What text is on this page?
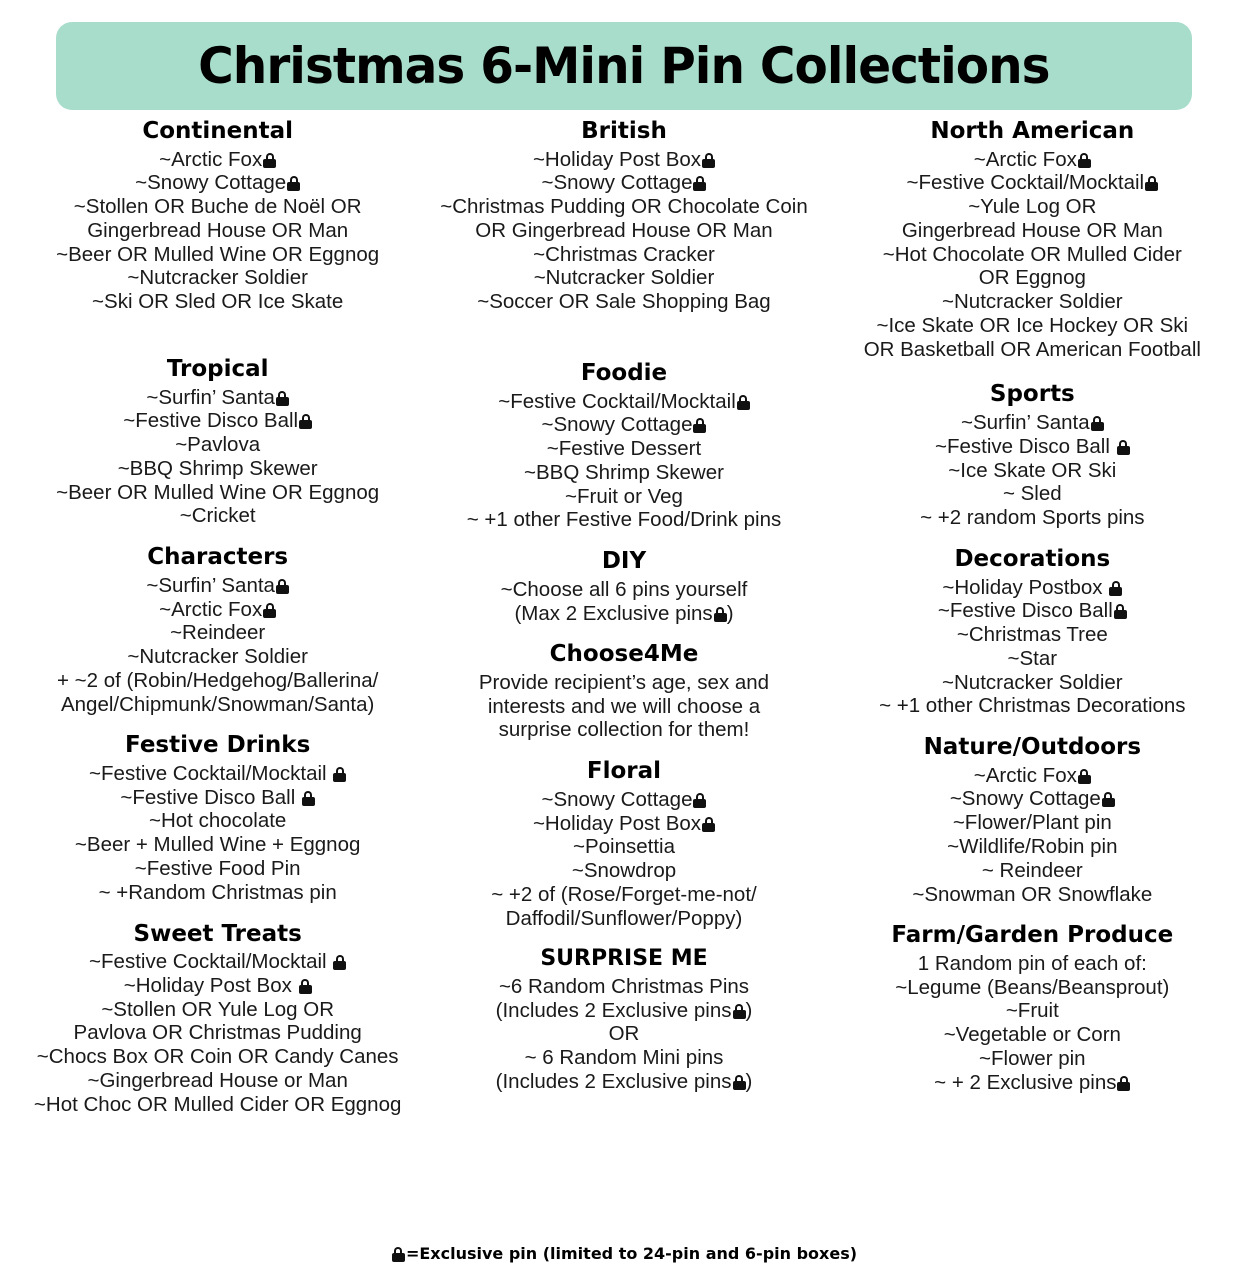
Christmas 6-Mini Pin Collections
Continental

~Arctic Fox
~Snowy Cottage
~Stollen OR Buche de Noël OR
Gingerbread House OR Man
~Beer OR Mulled Wine OR Eggnog
~Nutcracker Soldier
~Ski OR Sled OR Ice Skate

Tropical

~Surfin’ Santa
~Festive Disco Ball
~Pavlova
~BBQ Shrimp Skewer
~Beer OR Mulled Wine OR Eggnog
~Cricket

Characters

~Surfin’ Santa
~Arctic Fox
~Reindeer
~Nutcracker Soldier
+ ~2 of (Robin/Hedgehog/Ballerina/
Angel/Chipmunk/Snowman/Santa)

Festive Drinks

~Festive Cocktail/Mocktail
~Festive Disco Ball
~Hot chocolate
~Beer + Mulled Wine + Eggnog
~Festive Food Pin
~ +Random Christmas pin

Sweet Treats

~Festive Cocktail/Mocktail
~Holiday Post Box
~Stollen OR Yule Log OR
Pavlova OR Christmas Pudding
~Chocs Box OR Coin OR Candy Canes
~Gingerbread House or Man
~Hot Choc OR Mulled Cider OR Eggnog

British

~Holiday Post Box
~Snowy Cottage
~Christmas Pudding OR Chocolate Coin
OR Gingerbread House OR Man
~Christmas Cracker
~Nutcracker Soldier
~Soccer OR Sale Shopping Bag

Foodie

~Festive Cocktail/Mocktail
~Snowy Cottage
~Festive Dessert
~BBQ Shrimp Skewer
~Fruit or Veg
~ +1 other Festive Food/Drink pins

DIY

~Choose all 6 pins yourself
(Max 2 Exclusive pins )

Choose4Me

Provide recipient’s age, sex and
interests and we will choose a
surprise collection for them!

Floral

~Snowy Cottage
~Holiday Post Box
~Poinsettia
~Snowdrop
~ +2 of (Rose/Forget-me-not/
Daffodil/Sunflower/Poppy)

SURPRISE ME

~6 Random Christmas Pins
(Includes 2 Exclusive pins )
OR
~ 6 Random Mini pins
(Includes 2 Exclusive pins )

North American

~Arctic Fox
~Festive Cocktail/Mocktail
~Yule Log OR
Gingerbread House OR Man
~Hot Chocolate OR Mulled Cider
OR Eggnog
~Nutcracker Soldier
~Ice Skate OR Ice Hockey OR Ski
OR Basketball OR American Football

Sports

~Surfin’ Santa
~Festive Disco Ball
~Ice Skate OR Ski
~ Sled
~ +2 random Sports pins

Decorations

~Holiday Postbox
~Festive Disco Ball
~Christmas Tree
~Star
~Nutcracker Soldier
~ +1 other Christmas Decorations

Nature/Outdoors

~Arctic Fox
~Snowy Cottage
~Flower/Plant pin
~Wildlife/Robin pin
~ Reindeer
~Snowman OR Snowflake

Farm/Garden Produce

1 Random pin of each of:
~Legume (Beans/Beansprout)
~Fruit
~Vegetable or Corn
~Flower pin
~ + 2 Exclusive pins

=Exclusive pin (limited to 24-pin and 6-pin boxes)
